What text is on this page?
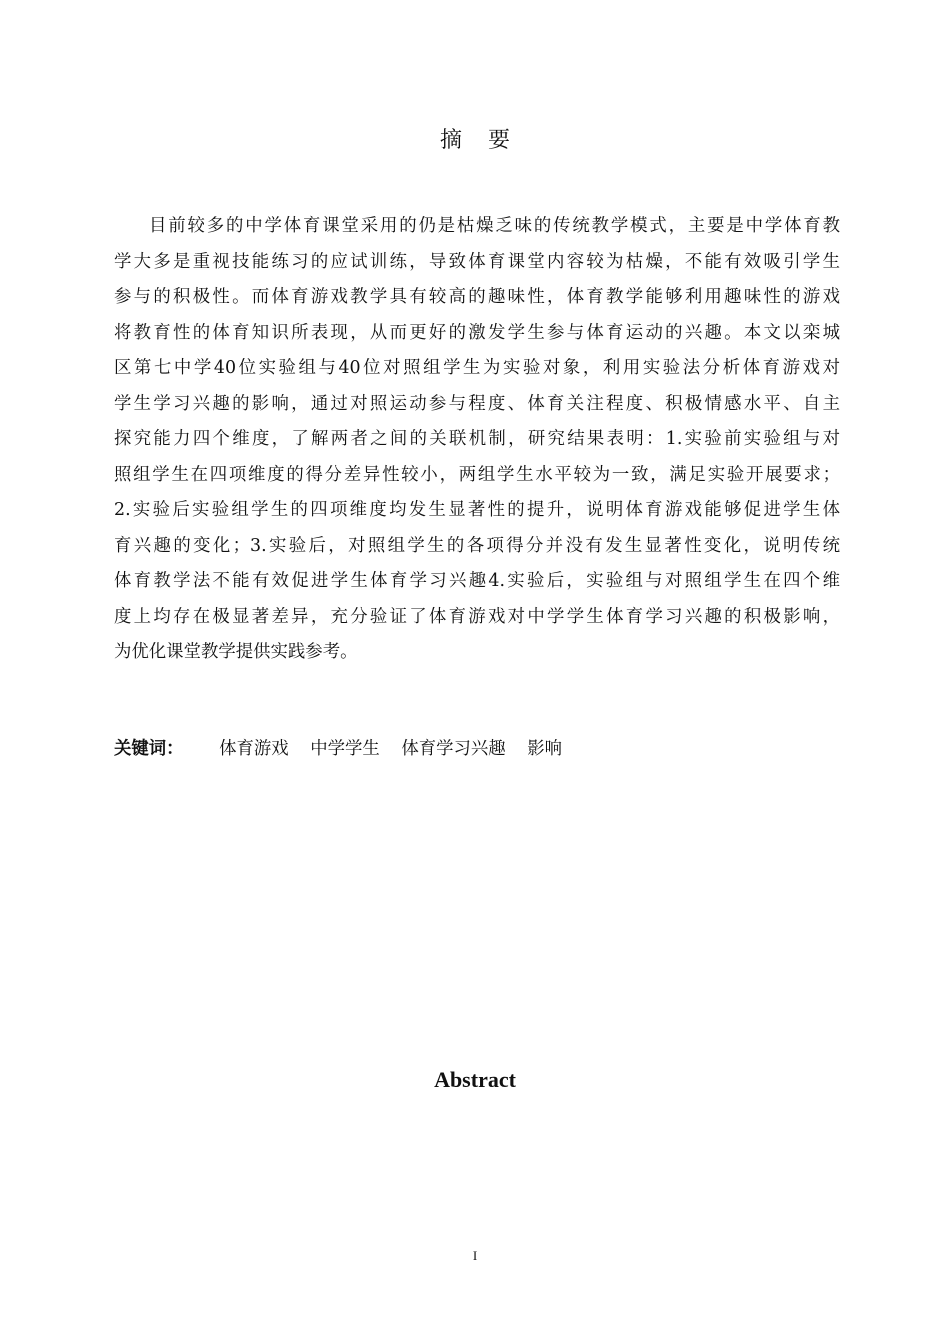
摘要
目前较多的中学体育课堂采用的仍是枯燥乏味的传统教学模式，主要是中学体育教
学大多是重视技能练习的应试训练，导致体育课堂内容较为枯燥，不能有效吸引学生
参与的积极性。而体育游戏教学具有较高的趣味性，体育教学能够利用趣味性的游戏
将教育性的体育知识所表现，从而更好的激发学生参与体育运动的兴趣。本文以栾城
区第七中学40位实验组与40位对照组学生为实验对象，利用实验法分析体育游戏对
学生学习兴趣的影响，通过对照运动参与程度、体育关注程度、积极情感水平、自主
探究能力四个维度，了解两者之间的关联机制，研究结果表明：1.实验前实验组与对
照组学生在四项维度的得分差异性较小，两组学生水平较为一致，满足实验开展要求；
2.实验后实验组学生的四项维度均发生显著性的提升，说明体育游戏能够促进学生体
育兴趣的变化；3.实验后，对照组学生的各项得分并没有发生显著性变化，说明传统
体育教学法不能有效促进学生体育学习兴趣4.实验后，实验组与对照组学生在四个维
度上均存在极显著差异，充分验证了体育游戏对中学学生体育学习兴趣的积极影响，
为优化课堂教学提供实践参考。
关键词： 体育游戏 中学学生 体育学习兴趣 影响
Abstract
I
